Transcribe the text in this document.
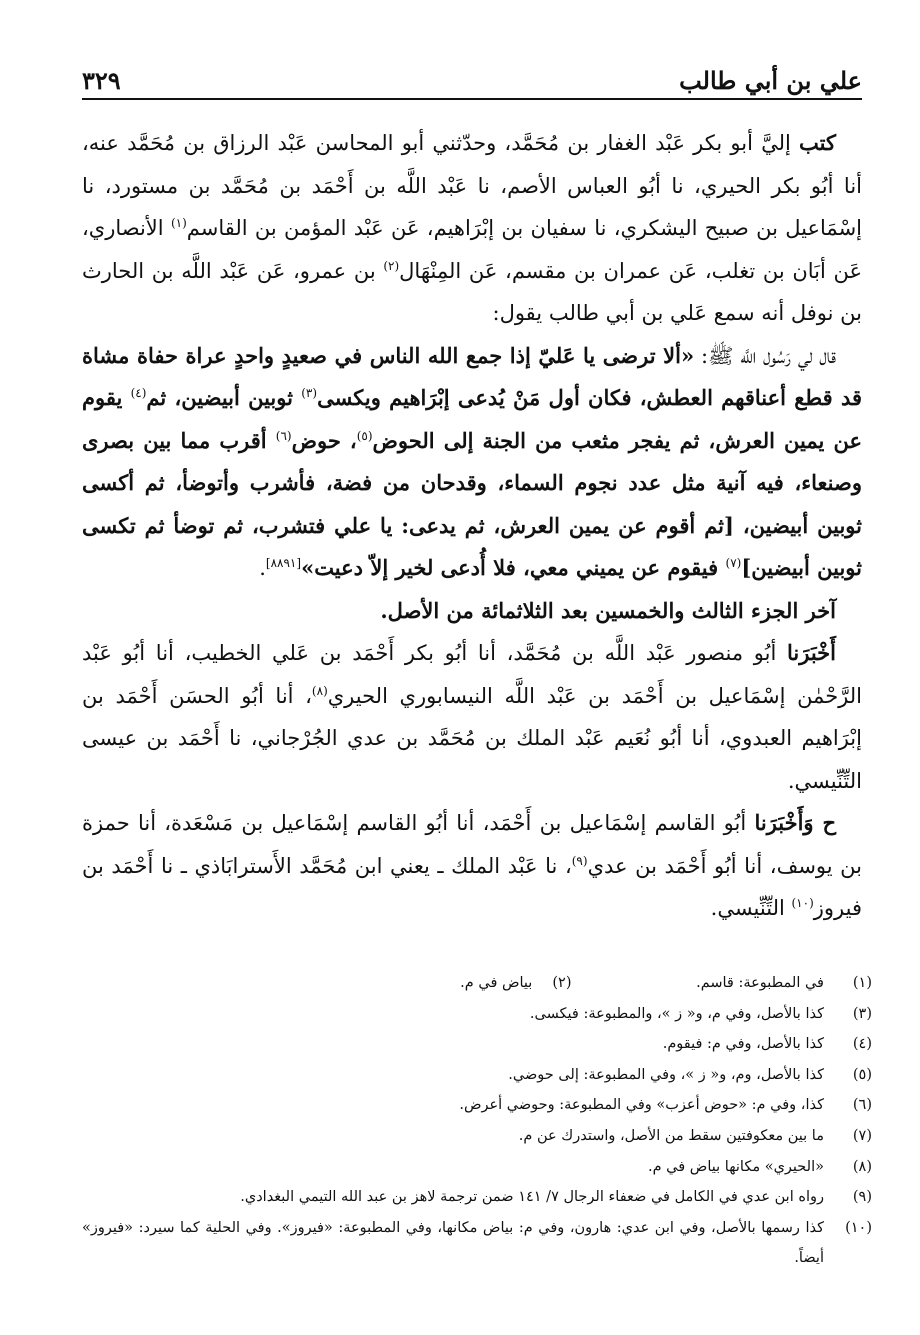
علي بن أبي طالب
٣٢٩

كتب إليَّ أبو بكر عَبْد الغفار بن مُحَمَّد، وحدّثني أبو المحاسن عَبْد الرزاق بن مُحَمَّد عنه، أنا أبُو بكر الحيري، نا أبُو العباس الأصم، نا عَبْد اللَّه بن أَحْمَد بن مُحَمَّد بن مستورد، نا إسْمَاعيل بن صبيح اليشكري، نا سفيان بن إبْرَاهيم، عَن عَبْد المؤمن بن القاسم$^{(١)}$ الأنصاري، عَن أبَان بن تغلب، عَن عمران بن مقسم، عَن المِنْهَال$^{(٢)}$ بن عمرو، عَن عَبْد اللَّه بن الحارث بن نوفل أنه سمع عَلي بن أبي طالب يقول:

قال لي رَسُول اللَّه ﷺ: «ألا ترضى يا عَليّ إذا جمع الله الناس في صعيدٍ واحدٍ عراة حفاة مشاة قد قطع أعناقهم العطش، فكان أول مَنْ يُدعى إبْرَاهيم ويكسى$^{(٣)}$ ثوبين أبيضين، ثم$^{(٤)}$ يقوم عن يمين العرش، ثم يفجر مثعب من الجنة إلى الحوض$^{(٥)}$، حوض$^{(٦)}$ أقرب مما بين بصرى وصنعاء، فيه آنية مثل عدد نجوم السماء، وقدحان من فضة، فأشرب وأتوضأ، ثم أكسى ثوبين أبيضين، [ثم أقوم عن يمين العرش، ثم يدعى: يا علي فتشرب، ثم توضأ ثم تكسى ثوبين أبيضين]$^{(٧)}$ فيقوم عن يميني معي، فلا أُدعى لخير إلاّ دعيت»[٨٨٩١].

آخر الجزء الثالث والخمسين بعد الثلاثمائة من الأصل.

أَخْبَرَنا أبُو منصور عَبْد اللَّه بن مُحَمَّد، أنا أبُو بكر أَحْمَد بن عَلي الخطيب، أنا أبُو عَبْد الرَّحْمٰن إسْمَاعيل بن أَحْمَد بن عَبْد اللَّه النيسابوري الحيري$^{(٨)}$، أنا أبُو الحسَن أَحْمَد بن إبْرَاهيم العبدوي، أنا أبُو نُعَيم عَبْد الملك بن مُحَمَّد بن عدي الجُرْجاني، نا أَحْمَد بن عيسى التِّنِّيسي.

ح وَأَخْبَرَنا أبُو القاسم إسْمَاعيل بن أَحْمَد، أنا أبُو القاسم إسْمَاعيل بن مَسْعَدة، أنا حمزة بن يوسف، أنا أبُو أَحْمَد بن عدي$^{(٩)}$، نا عَبْد الملك ـ يعني ابن مُحَمَّد الأَسترابَاذي ـ نا أَحْمَد بن فيروز$^{(١٠)}$ التِّنِّيسي.

(١)
في المطبوعة: قاسم. (٢)بياض في م.
(٣)
كذا بالأصل، وفي م، و« ز »، والمطبوعة: فيكسى.
(٤)
كذا بالأصل، وفي م: فيقوم.
(٥)
كذا بالأصل، وم، و« ز »، وفي المطبوعة: إلى حوضي.
(٦)
كذا، وفي م: «حوض أعزب» وفي المطبوعة: وحوضي أعرض.
(٧)
ما بين معكوفتين سقط من الأصل، واستدرك عن م.
(٨)
«الحيري» مكانها بياض في م.
(٩)
رواه ابن عدي في الكامل في ضعفاء الرجال ٧/ ١٤١ ضمن ترجمة لاهز بن عبد الله التيمي البغدادي.
(١٠)
كذا رسمها بالأصل، وفي ابن عدي: هارون، وفي م: بياض مكانها، وفي المطبوعة: «فيروز». وفي الحلية كما سيرد: «فيروز» أيضاً.
